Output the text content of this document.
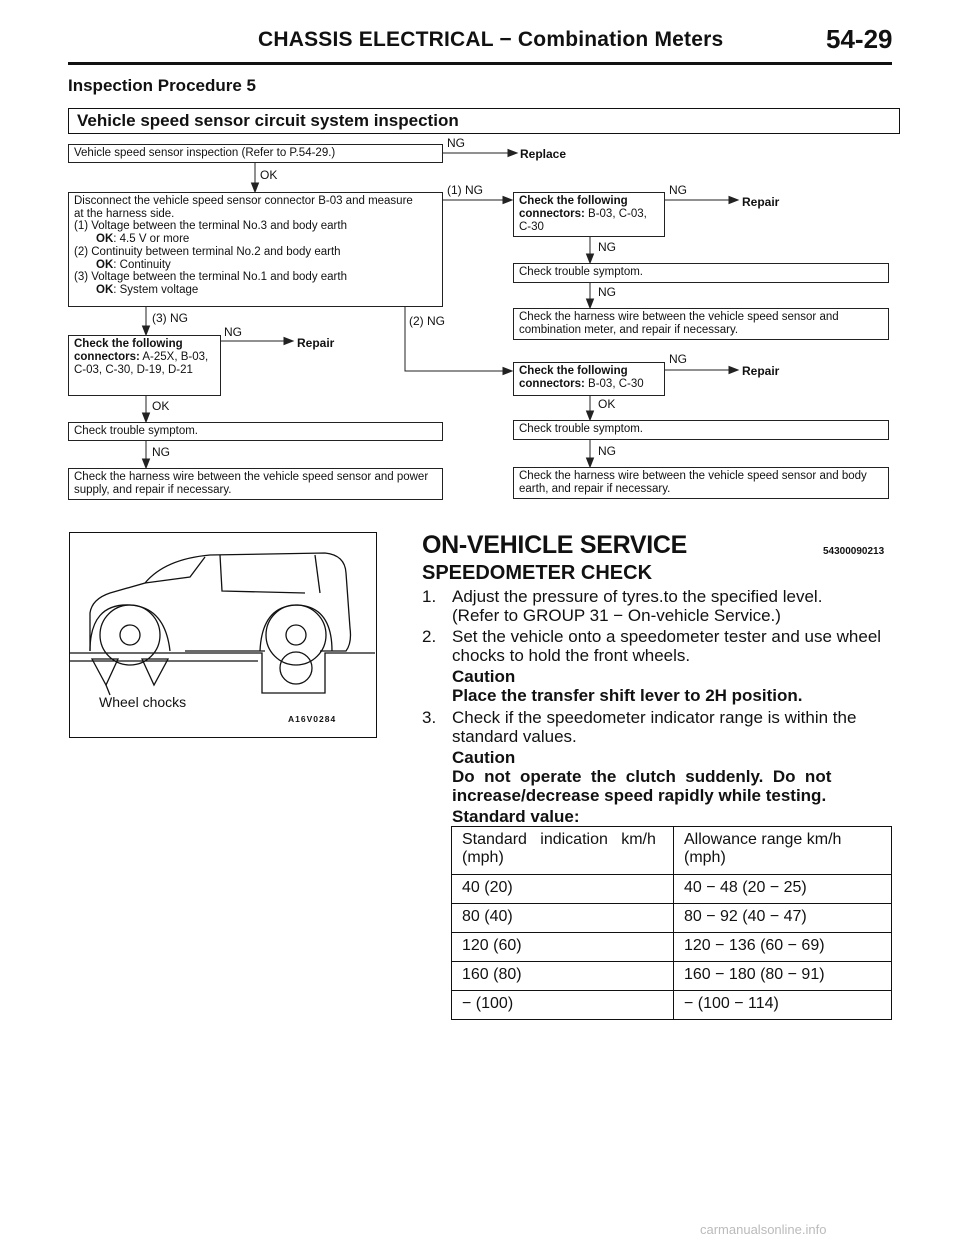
CHASSIS ELECTRICAL − Combination Meters	54-29
Inspection Procedure 5
Vehicle speed sensor circuit system inspection
Vehicle speed sensor inspection (Refer to P.54-29.)
NG
Replace
OK
Disconnect the vehicle speed sensor connector B-03 and measure
at the harness side.
(1) Voltage between the terminal No.3 and body earth
OK: 4.5 V or more
(2) Continuity between terminal No.2 and body earth
OK: Continuity
(3) Voltage between the terminal No.1 and body earth
OK: System voltage
(1) NG
Check the following connectors: B-03, C-03, C-30
NG
Repair
NG
Check trouble symptom.
NG
Check the harness wire between the vehicle speed sensor and combination meter, and repair if necessary.
(3) NG	(2) NG
Check the following connectors: A-25X, B-03, C-03, C-30, D-19, D-21
NG
Repair
Check the following connectors: B-03, C-30
NG
Repair
OK	OK
Check trouble symptom.	Check trouble symptom.
NG	NG
Check the harness wire between the vehicle speed sensor and power supply, and repair if necessary.
Check the harness wire between the vehicle speed sensor and body earth, and repair if necessary.
Wheel chocks
A16V0284
ON-VEHICLE SERVICE	54300090213
SPEEDOMETER CHECK
1. Adjust the pressure of tyres.to the specified level.
(Refer to GROUP 31 − On-vehicle Service.)
2. Set the vehicle onto a speedometer tester and use wheel
chocks to hold the front wheels.
Caution
Place the transfer shift lever to 2H position.
3. Check if the speedometer indicator range is within the
standard values.
Caution
Do  not  operate  the  clutch  suddenly.  Do  not
increase/decrease speed rapidly while testing.
Standard value:
Standard   indication   km/h (mph)	Allowance range km/h (mph)
40 (20)	40 − 48 (20 − 25)
80 (40)	80 − 92 (40 − 47)
120 (60)	120 − 136 (60 − 69)
160 (80)	160 − 180 (80 − 91)
− (100)	− (100 − 114)
carmanualsonline.info
